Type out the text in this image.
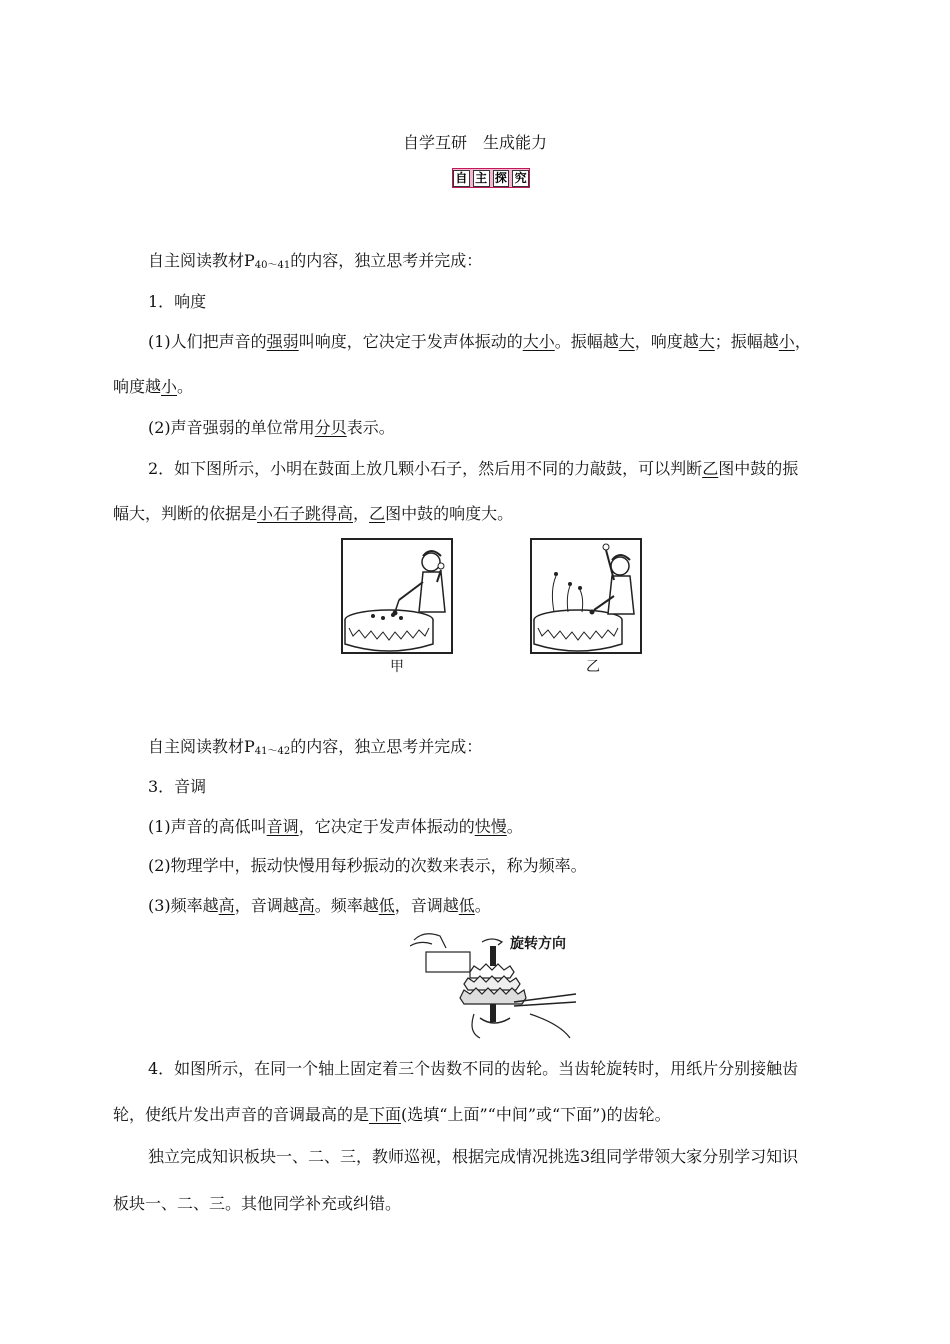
自学互研　生成能力
自 主 探 究
自主阅读教材$P_{40\sim 41}$的内容，独立思考并完成：
1．响度
(1)人们把声音的强弱叫响度，它决定于发声体振动的大小。振幅越大，响度越大；振幅越小，
响度越小。
(2)声音强弱的单位常用分贝表示。
2．如下图所示，小明在鼓面上放几颗小石子，然后用不同的力敲鼓，可以判断乙图中鼓的振
幅大，判断的依据是小石子跳得高，乙图中鼓的响度大。
甲	乙
自主阅读教材$P_{41\sim 42}$的内容，独立思考并完成：
3．音调
(1)声音的高低叫音调，它决定于发声体振动的快慢。
(2)物理学中，振动快慢用每秒振动的次数来表示，称为频率。
(3)频率越高，音调越高。频率越低，音调越低。
旋转方向
4．如图所示，在同一个轴上固定着三个齿数不同的齿轮。当齿轮旋转时，用纸片分别接触齿
轮，使纸片发出声音的音调最高的是下面(选填“上面”“中间”或“下面”)的齿轮。
独立完成知识板块一、二、三，教师巡视，根据完成情况挑选3组同学带领大家分别学习知识
板块一、二、三。其他同学补充或纠错。
